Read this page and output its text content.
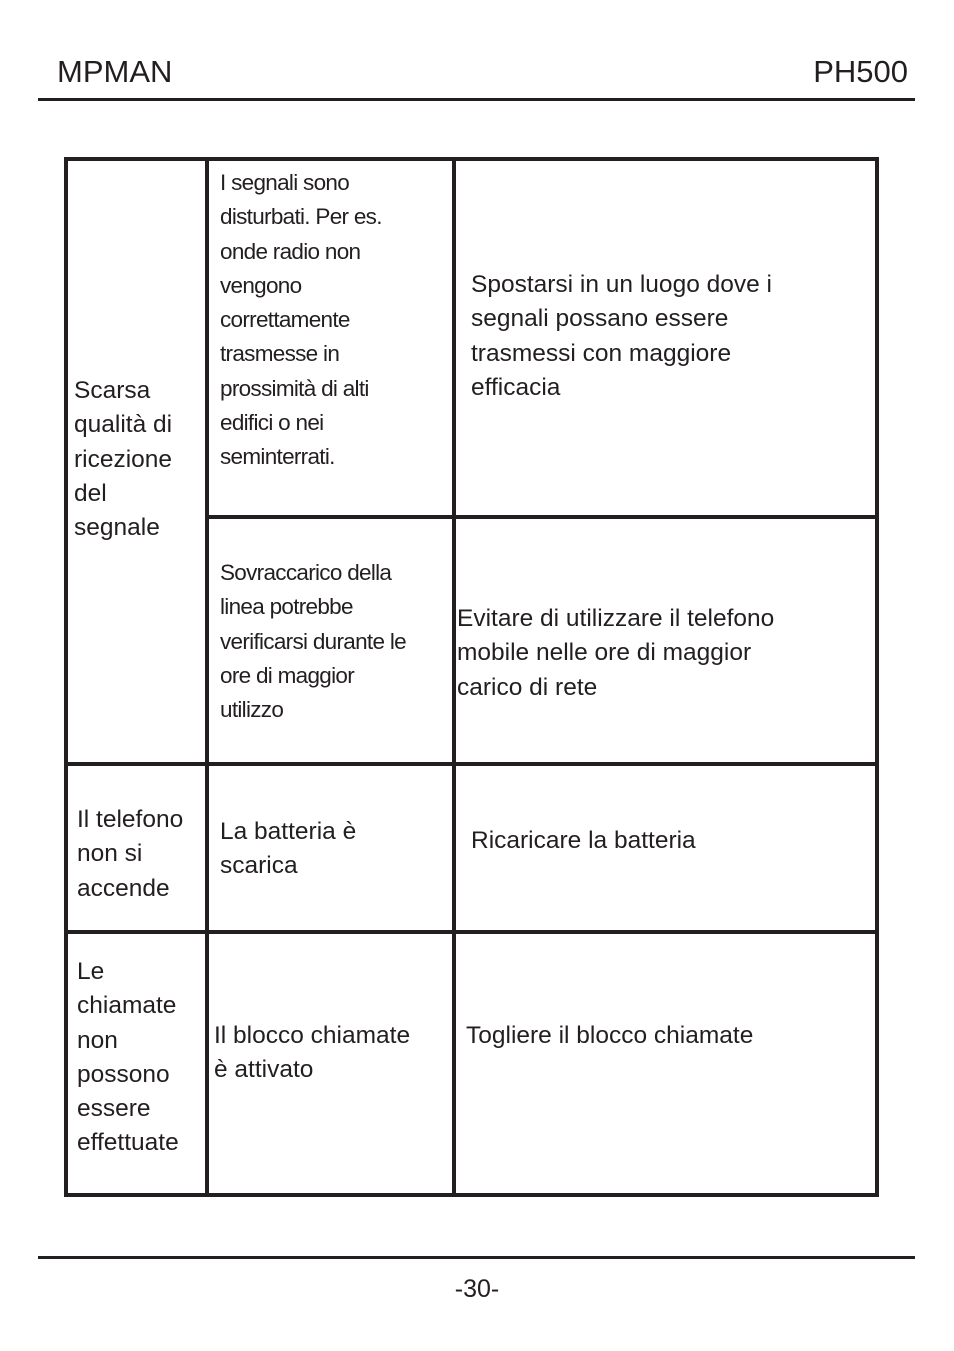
MPMAN	PH500
Scarsa
qualità di
ricezione
del
segnale
I segnali sono
disturbati. Per es.
onde radio non
vengono
correttamente
trasmesse in
prossimità di alti
edifici o nei
seminterrati.
Spostarsi in un luogo dove i
segnali possano essere
trasmessi con maggiore
efficacia
Sovraccarico della
linea potrebbe
verificarsi durante le
ore di maggior
utilizzo
Evitare di utilizzare il telefono
mobile nelle ore di maggior
carico di rete
Il telefono
non si
accende
La batteria è
scarica
Ricaricare la batteria
Le
chiamate
non
possono
essere
effettuate
Il blocco chiamate
è attivato
Togliere il blocco chiamate
-30-
